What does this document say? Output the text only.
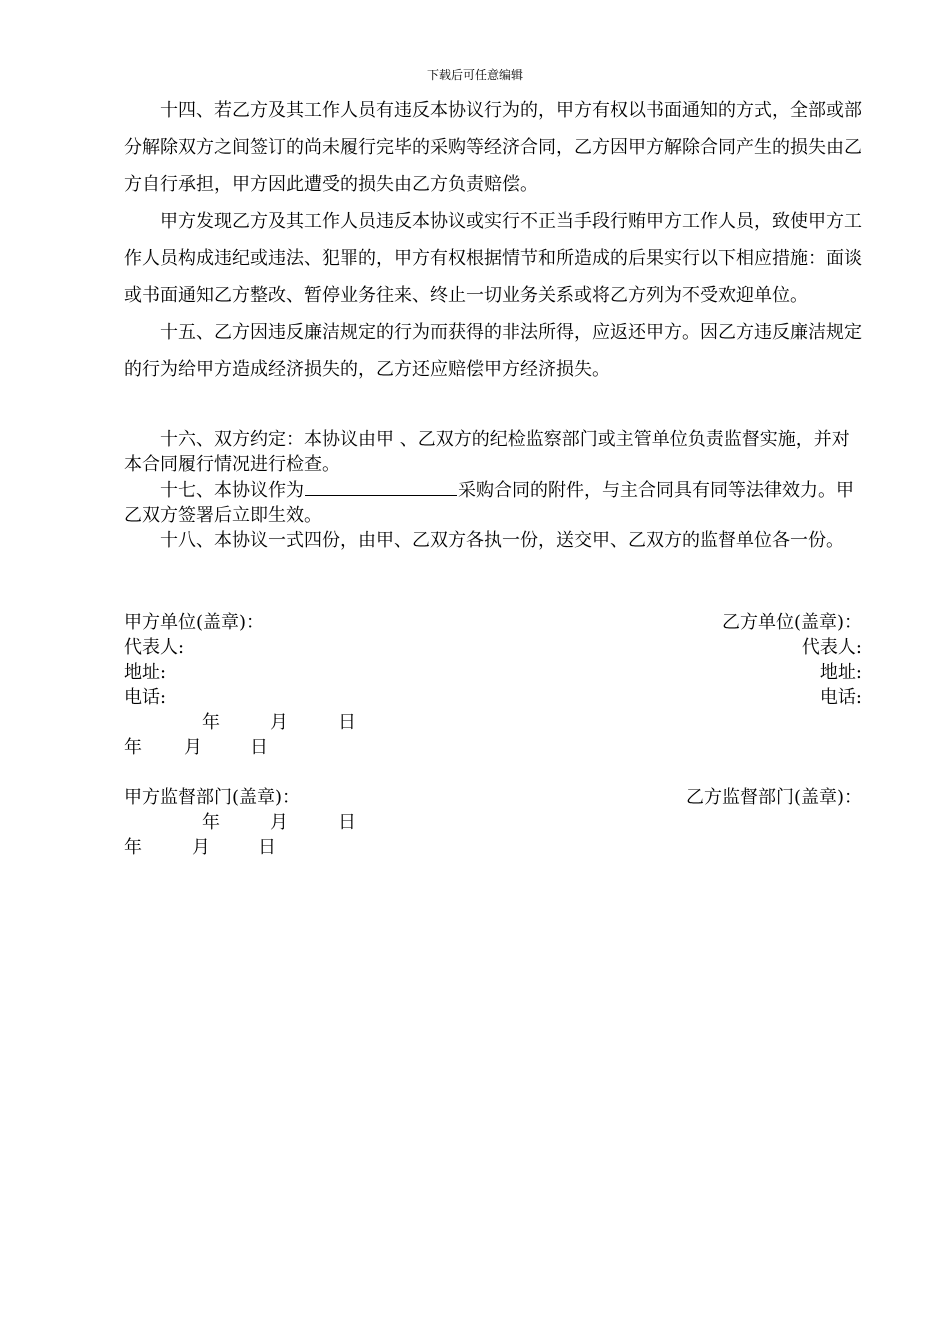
下载后可任意编辑

十四、若乙方及其工作人员有违反本协议行为的，甲方有权以书面通知的方式，全部或部分解除双方之间签订的尚未履行完毕的采购等经济合同，乙方因甲方解除合同产生的损失由乙方自行承担，甲方因此遭受的损失由乙方负责赔偿。

甲方发现乙方及其工作人员违反本协议或实行不正当手段行贿甲方工作人员，致使甲方工作人员构成违纪或违法、犯罪的，甲方有权根据情节和所造成的后果实行以下相应措施：面谈或书面通知乙方整改、暂停业务往来、终止一切业务关系或将乙方列为不受欢迎单位。

十五、乙方因违反廉洁规定的行为而获得的非法所得，应返还甲方。因乙方违反廉洁规定的行为给甲方造成经济损失的，乙方还应赔偿甲方经济损失。

十六、双方约定：本协议由甲 、乙双方的纪检监察部门或主管单位负责监督实施，并对本合同履行情况进行检查。

十七、本协议作为	采购合同的附件，与主合同具有同等法律效力。甲乙双方签署后立即生效。

十八、本协议一式四份，由甲、乙双方各执一份，送交甲、乙双方的监督单位各一份。

甲方单位(盖章)：	乙方单位(盖章)：
代表人:	代表人:
地址:	地址:
电话:	电话:
年	月	日
年 月	日
甲方监督部门(盖章)：	乙方监督部门(盖章)：
年	月	日
年	月	日
